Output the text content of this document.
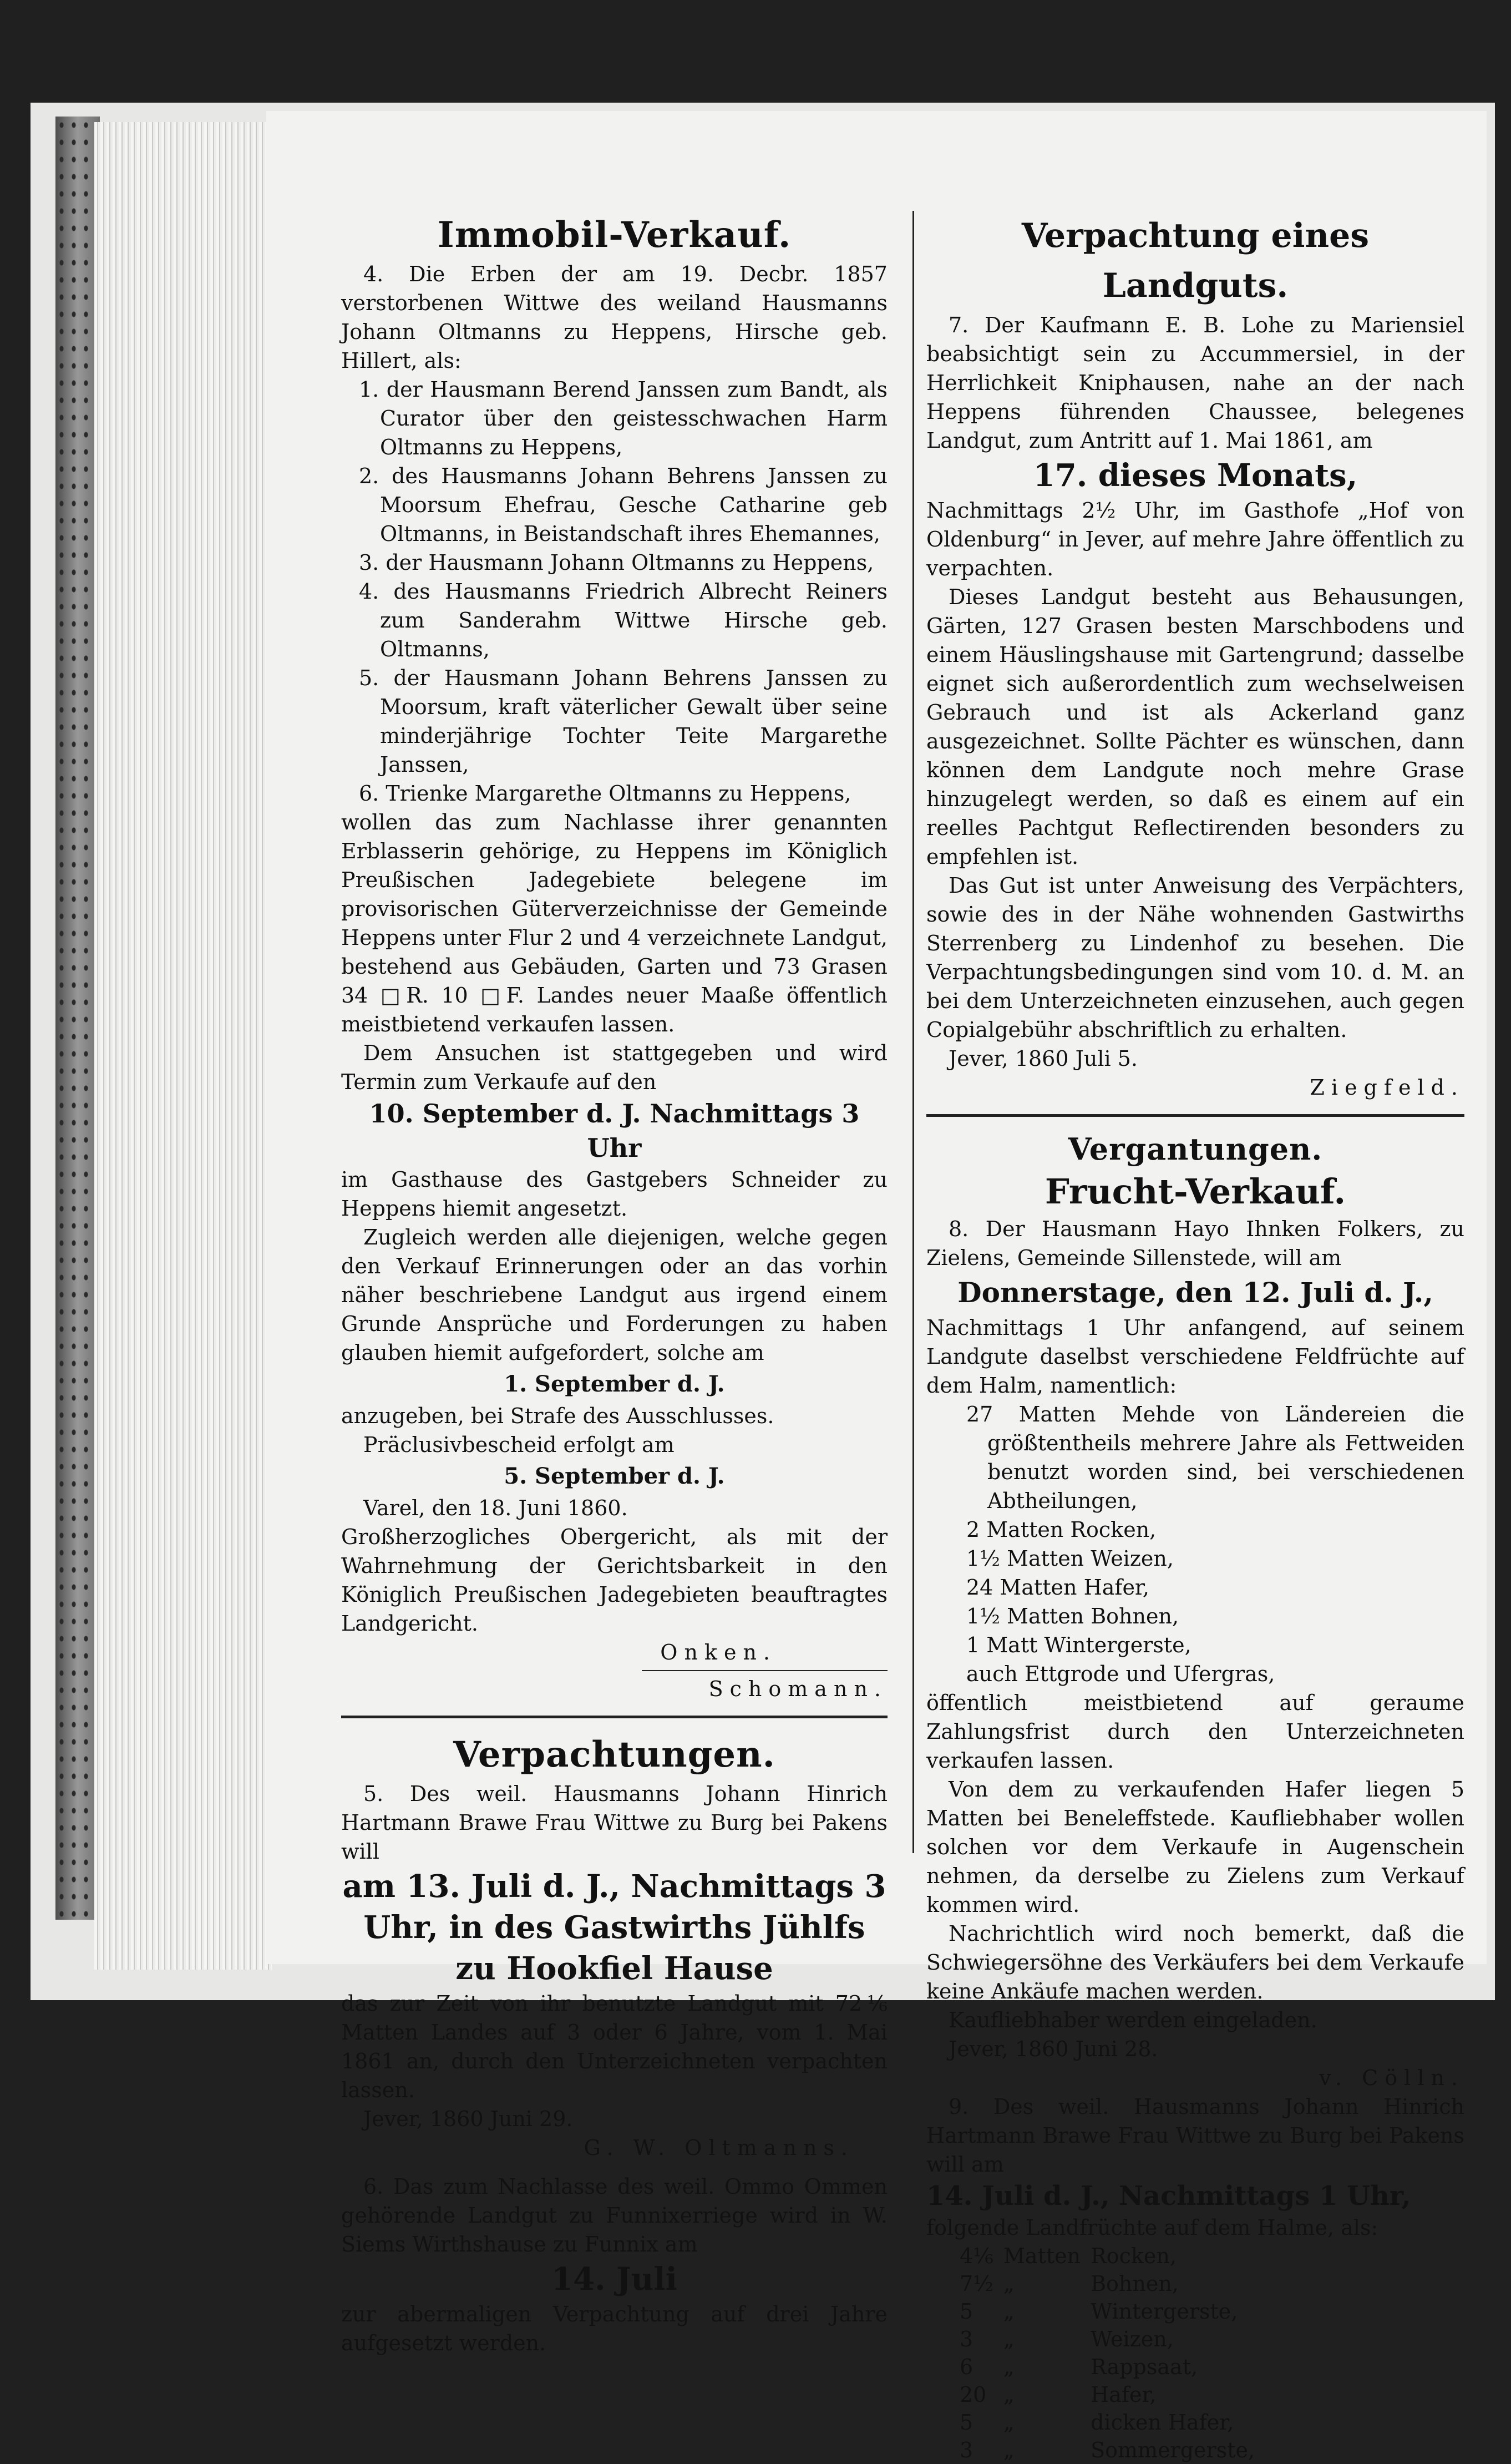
Immobil-Verkauf.

4. Die Erben der am 19. Decbr. 1857 verstorbenen Wittwe des weiland Hausmanns Johann Oltmanns zu Heppens, Hirsche geb. Hillert, als:

1. der Hausmann Berend Janssen zum Bandt, als Curator über den geistesschwachen Harm Oltmanns zu Heppens,

2. des Hausmanns Johann Behrens Janssen zu Moorsum Ehefrau, Gesche Catharine geb Oltmanns, in Beistandschaft ihres Ehemannes,

3. der Hausmann Johann Oltmanns zu Heppens,

4. des Hausmanns Friedrich Albrecht Reiners zum Sanderahm Wittwe Hirsche geb. Oltmanns,

5. der Hausmann Johann Behrens Janssen zu Moorsum, kraft väterlicher Gewalt über seine minderjährige Tochter Teite Margarethe Janssen,

6. Trienke Margarethe Oltmanns zu Heppens,

wollen das zum Nachlasse ihrer genannten Erblasserin gehörige, zu Heppens im Königlich Preußischen Jadegebiete belegene im provisorischen Güterverzeichnisse der Gemeinde Heppens unter Flur 2 und 4 verzeichnete Landgut, bestehend aus Gebäuden, Garten und 73 Grasen 34 □R. 10 □F. Landes neuer Maaße öffentlich meistbietend verkaufen lassen.

Dem Ansuchen ist stattgegeben und wird Termin zum Verkaufe auf den

10. September d. J. Nachmittags 3 Uhr

im Gasthause des Gastgebers Schneider zu Heppens hiemit angesetzt.

Zugleich werden alle diejenigen, welche gegen den Verkauf Erinnerungen oder an das vorhin näher beschriebene Landgut aus irgend einem Grunde Ansprüche und Forderungen zu haben glauben hiemit aufgefordert, solche am

1. September d. J.

anzugeben, bei Strafe des Ausschlusses.

Präclusivbescheid erfolgt am

5. September d. J.

Varel, den 18. Juni 1860.

Großherzogliches Obergericht, als mit der Wahrnehmung der Gerichtsbarkeit in den Königlich Preußischen Jadegebieten beauftragtes Landgericht.

Onken.

Schomann.

Verpachtungen.

5. Des weil. Hausmanns Johann Hinrich Hartmann Brawe Frau Wittwe zu Burg bei Pakens will

am 13. Juli d. J., Nachmittags 3 Uhr, in des Gastwirths Jühlfs zu Hookfiel Hause

das zur Zeit von ihr benutzte Landgut mit 72⅙ Matten Landes auf 3 oder 6 Jahre, vom 1. Mai 1861 an, durch den Unterzeichneten verpachten lassen.

Jever, 1860 Juni 29.

G. W. Oltmanns.

6. Das zum Nachlasse des weil. Ommo Ommen gehörende Landgut zu Funnixerriege wird in W. Siems Wirthshause zu Funnix am

14. Juli

zur abermaligen Verpachtung auf drei Jahre aufgesetzt werden.

Verpachtung eines Landguts.

7. Der Kaufmann E. B. Lohe zu Mariensiel beabsichtigt sein zu Accummersiel, in der Herrlichkeit Kniphausen, nahe an der nach Heppens führenden Chaussee, belegenes Landgut, zum Antritt auf 1. Mai 1861, am

17. dieses Monats,

Nachmittags 2½ Uhr, im Gasthofe „Hof von Oldenburg“ in Jever, auf mehre Jahre öffentlich zu verpachten.

Dieses Landgut besteht aus Behausungen, Gärten, 127 Grasen besten Marschbodens und einem Häuslingshause mit Gartengrund; dasselbe eignet sich außerordentlich zum wechselweisen Gebrauch und ist als Ackerland ganz ausgezeichnet. Sollte Pächter es wünschen, dann können dem Landgute noch mehre Grase hinzugelegt werden, so daß es einem auf ein reelles Pachtgut Reflectirenden besonders zu empfehlen ist.

Das Gut ist unter Anweisung des Verpächters, sowie des in der Nähe wohnenden Gastwirths Sterrenberg zu Lindenhof zu besehen. Die Verpachtungsbedingungen sind vom 10. d. M. an bei dem Unterzeichneten einzusehen, auch gegen Copialgebühr abschriftlich zu erhalten.

Jever, 1860 Juli 5.

Ziegfeld.

Vergantungen.
Frucht-Verkauf.

8. Der Hausmann Hayo Ihnken Folkers, zu Zielens, Gemeinde Sillenstede, will am

Donnerstage, den 12. Juli d. J.,

Nachmittags 1 Uhr anfangend, auf seinem Landgute daselbst verschiedene Feldfrüchte auf dem Halm, namentlich:

27 Matten Mehde von Ländereien die größtentheils mehrere Jahre als Fettweiden benutzt worden sind, bei verschiedenen Abtheilungen,

2 Matten Rocken,

1½ Matten Weizen,

24 Matten Hafer,

1½ Matten Bohnen,

1 Matt Wintergerste,

auch Ettgrode und Ufergras,

öffentlich meistbietend auf geraume Zahlungsfrist durch den Unterzeichneten verkaufen lassen.

Von dem zu verkaufenden Hafer liegen 5 Matten bei Beneleffstede. Kaufliebhaber wollen solchen vor dem Verkaufe in Augenschein nehmen, da derselbe zu Zielens zum Verkauf kommen wird.

Nachrichtlich wird noch bemerkt, daß die Schwiegersöhne des Verkäufers bei dem Verkaufe keine Ankäufe machen werden.

Kaufliebhaber werden eingeladen.

Jever, 1860 Juni 28.

v. Cölln.

9. Des weil. Hausmanns Johann Hinrich Hartmann Brawe Frau Wittwe zu Burg bei Pakens will am

14. Juli d. J., Nachmittags 1 Uhr,

folgende Landfrüchte auf dem Halme, als:

4⅙	Matten	Rocken,
7½	„	Bohnen,
5	„	Wintergerste,
3	„	Weizen,
6	„	Rappsaat,
20	„	Hafer,
5	„	dicken Hafer,
3	„	Sommergerste,
